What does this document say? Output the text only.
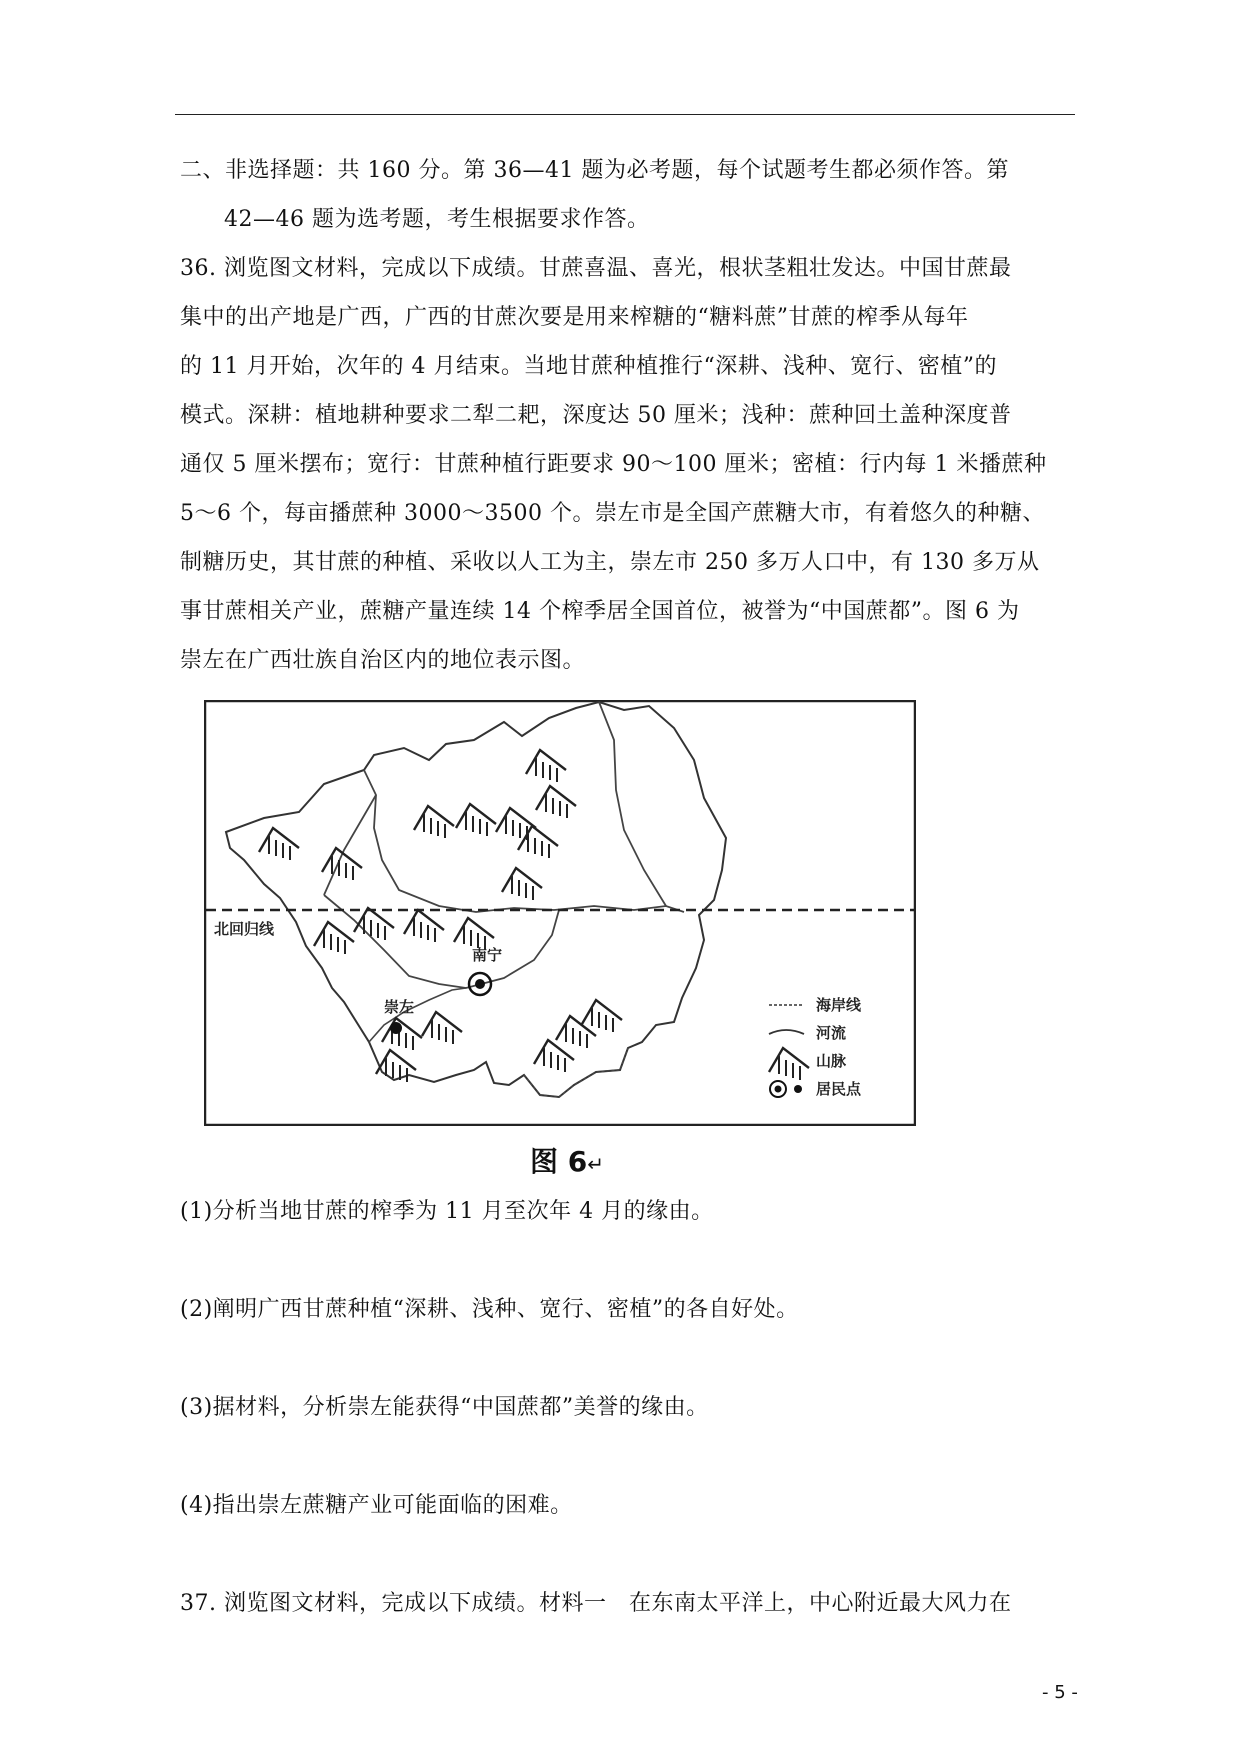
二、非选择题：共 160 分。第 36—41 题为必考题，每个试题考生都必须作答。第
42—46 题为选考题，考生根据要求作答。
36. 浏览图文材料，完成以下成绩。甘蔗喜温、喜光，根状茎粗壮发达。中国甘蔗最
集中的出产地是广西，广西的甘蔗次要是用来榨糖的“糖料蔗”甘蔗的榨季从每年
的 11 月开始，次年的 4 月结束。当地甘蔗种植推行“深耕、浅种、宽行、密植”的
模式。深耕：植地耕种要求二犁二耙，深度达 50 厘米；浅种：蔗种回土盖种深度普
通仅 5 厘米摆布；宽行：甘蔗种植行距要求 90～100 厘米；密植：行内每 1 米播蔗种
5～6 个，每亩播蔗种 3000～3500 个。崇左市是全国产蔗糖大市，有着悠久的种糖、
制糖历史，其甘蔗的种植、采收以人工为主，崇左市 250 多万人口中，有 130 多万从
事甘蔗相关产业，蔗糖产量连续 14 个榨季居全国首位，被誉为“中国蔗都”。图 6 为
崇左在广西壮族自治区内的地位表示图。
北回归线
崇左
南宁
海岸线
河流
山脉
居民点
图 6↵
(1)分析当地甘蔗的榨季为 11 月至次年 4 月的缘由。
(2)阐明广西甘蔗种植“深耕、浅种、宽行、密植”的各自好处。
(3)据材料，分析崇左能获得“中国蔗都”美誉的缘由。
(4)指出崇左蔗糖产业可能面临的困难。
37. 浏览图文材料，完成以下成绩。材料一　在东南太平洋上，中心附近最大风力在
- 5 -
